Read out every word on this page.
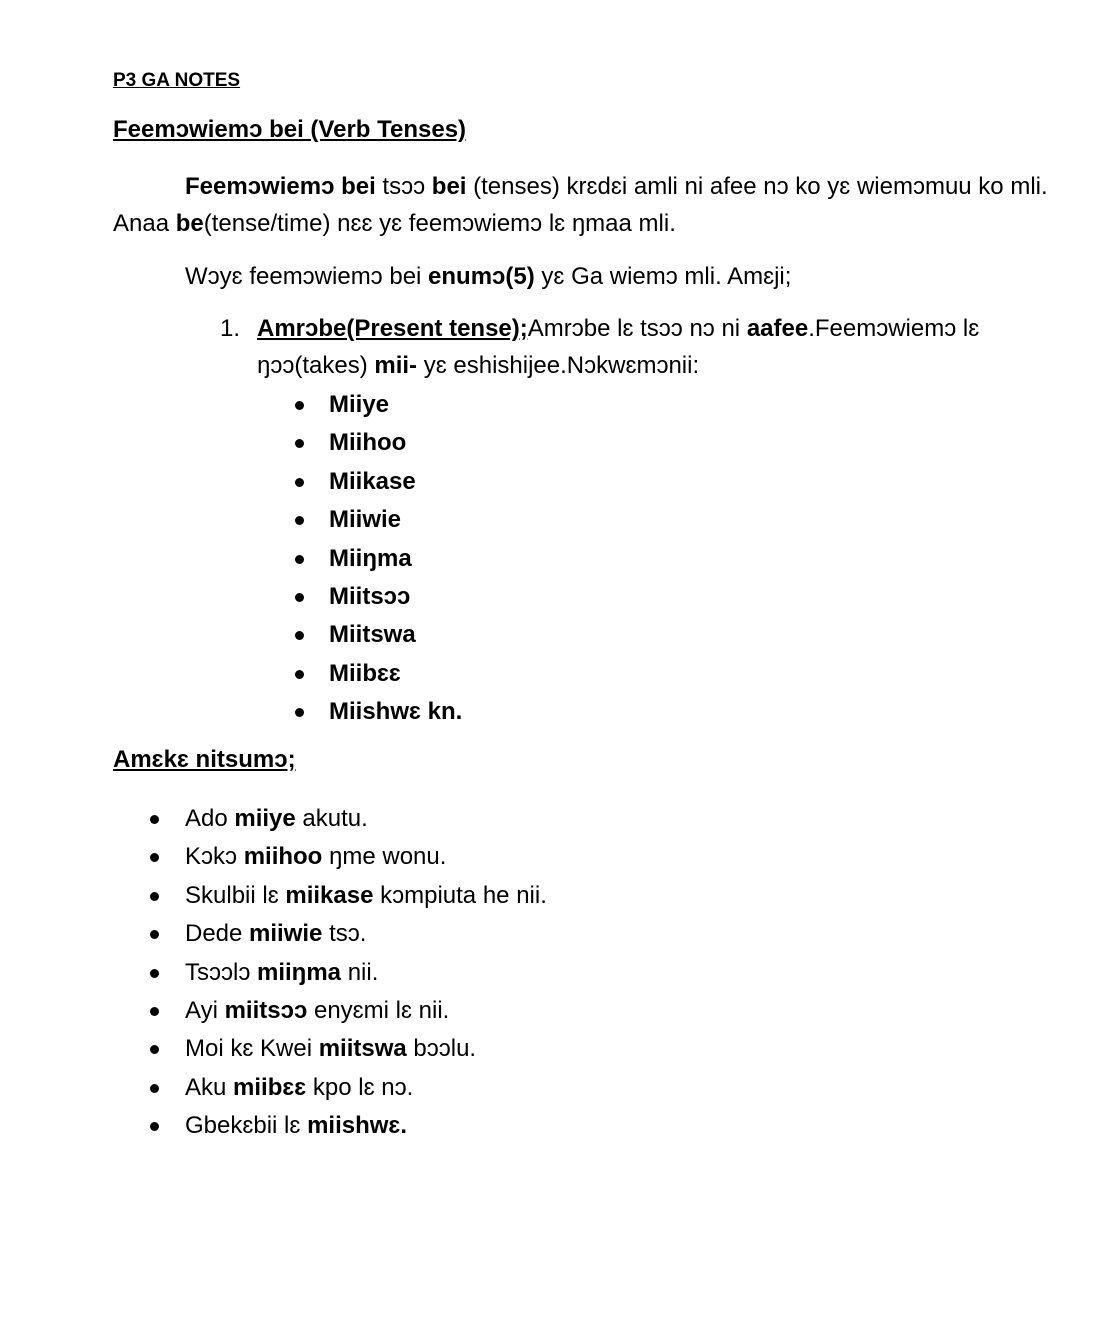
P3 GA NOTES
Feemɔwiemɔ bei (Verb Tenses)
Feemɔwiemɔ bei tsɔɔ bei (tenses) krɛdɛi amli ni afee nɔ ko yɛ wiemɔmuu ko mli. Anaa be(tense/time) nɛɛ yɛ feemɔwiemɔ lɛ ŋmaa mli.
Wɔyɛ feemɔwiemɔ bei enumɔ(5) yɛ Ga wiemɔ mli. Amɛji;
1. Amrɔbe(Present tense);Amrɔbe lɛ tsɔɔ nɔ ni aafee.Feemɔwiemɔ lɛ ŋɔɔ(takes) mii- yɛ eshishijee.Nɔkwɛmɔnii:
Miiye
Miihoo
Miikase
Miiwie
Miiŋma
Miitsɔɔ
Miitswa
Miibɛɛ
Miishwɛ kn.
Amɛkɛ nitsumɔ;
Ado miiye akutu.
Kɔkɔ miihoo ŋme wonu.
Skulbii lɛ miikase kɔmpiuta he nii.
Dede miiwie tsɔ.
Tsɔɔlɔ miiŋma nii.
Ayi miitsɔɔ enyɛmi lɛ nii.
Moi kɛ Kwei miitswa bɔɔlu.
Aku miibɛɛ kpo lɛ nɔ.
Gbekɛbii lɛ miishwɛ.
